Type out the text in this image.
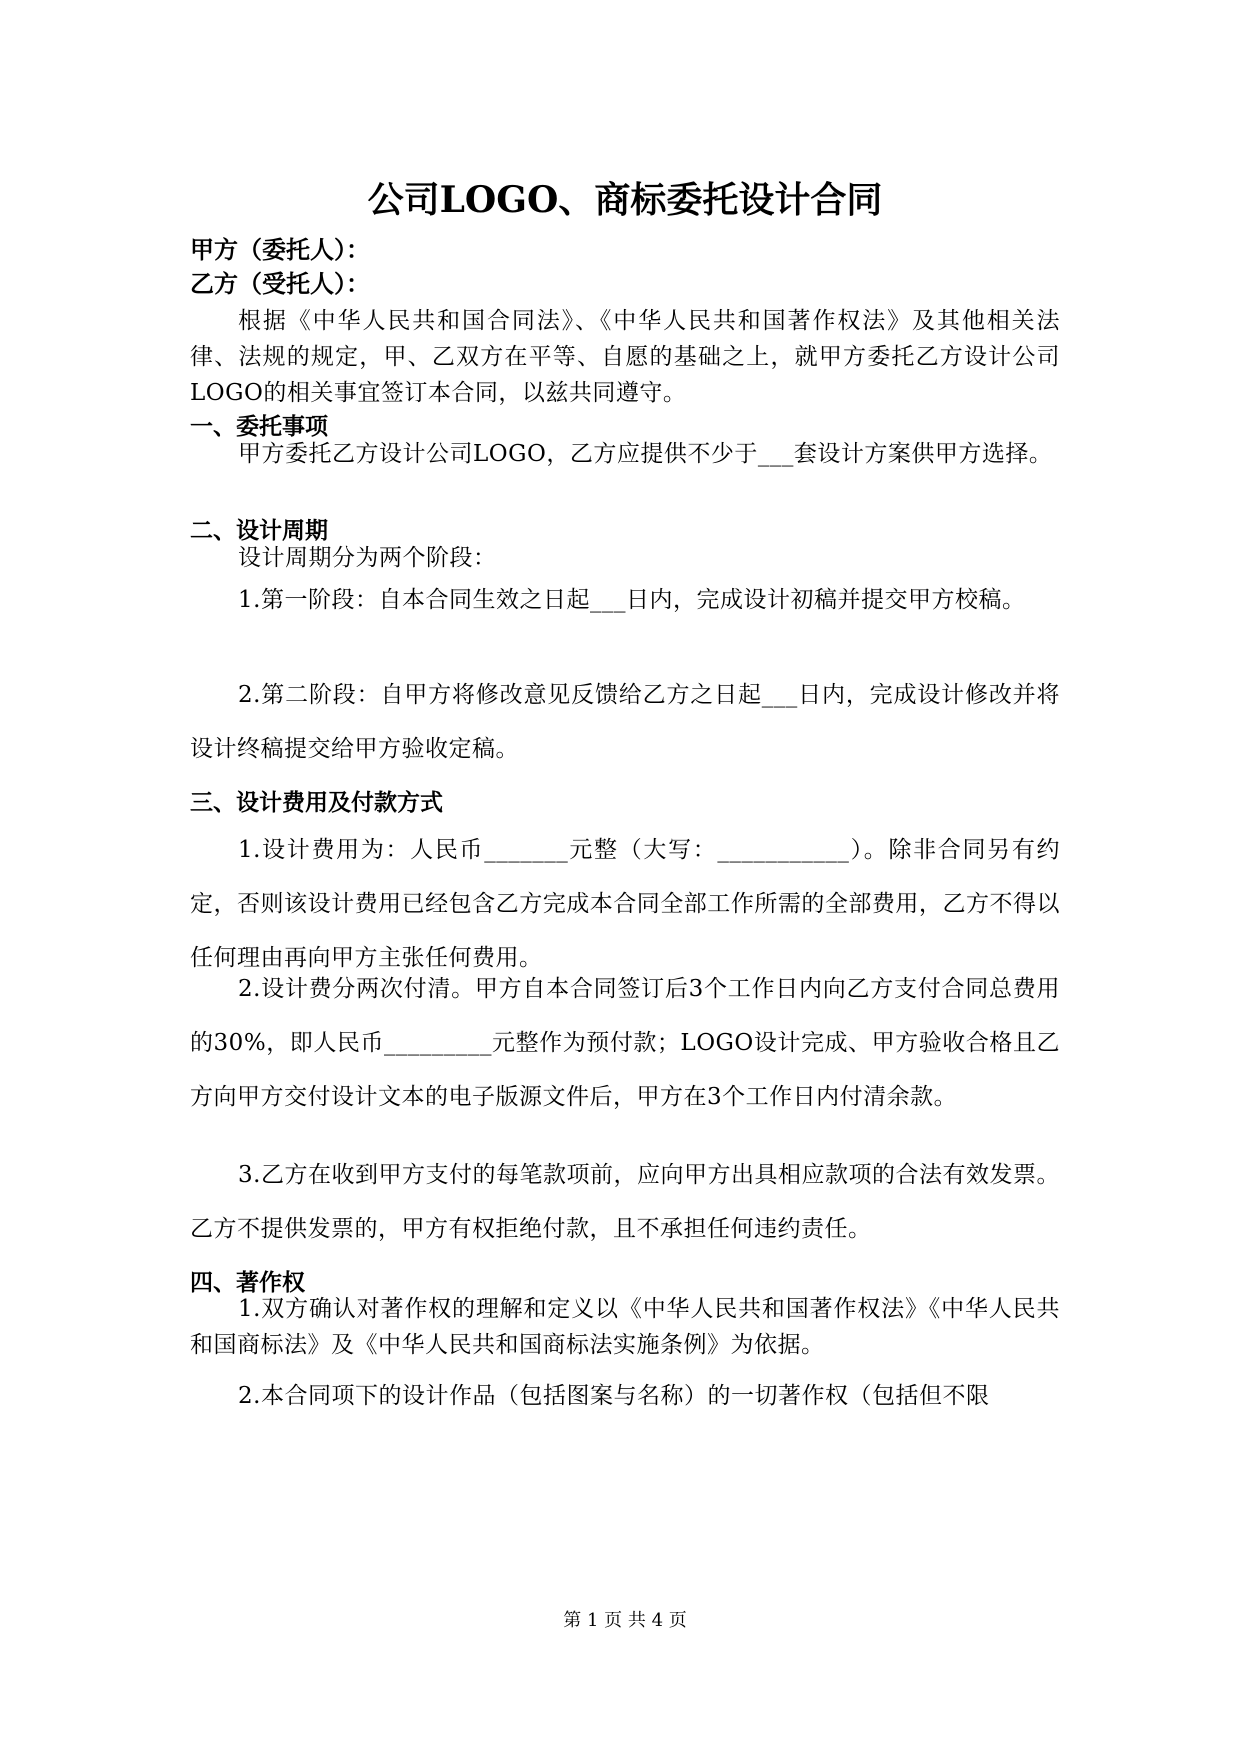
公司LOGO、商标委托设计合同

甲方（委托人）：

乙方（受托人）：

根据《中华人民共和国合同法》、《中华人民共和国著作权法》及其他相关法律、法规的规定，甲、乙双方在平等、自愿的基础之上，就甲方委托乙方设计公司LOGO的相关事宜签订本合同，以兹共同遵守。

一、委托事项

甲方委托乙方设计公司LOGO，乙方应提供不少于___套设计方案供甲方选择。

二、设计周期

设计周期分为两个阶段：

1.第一阶段：自本合同生效之日起___日内，完成设计初稿并提交甲方校稿。

2.第二阶段：自甲方将修改意见反馈给乙方之日起___日内，完成设计修改并将设计终稿提交给甲方验收定稿。

三、设计费用及付款方式

1.设计费用为：人民币_______元整（大写：___________）。除非合同另有约定，否则该设计费用已经包含乙方完成本合同全部工作所需的全部费用，乙方不得以任何理由再向甲方主张任何费用。

2.设计费分两次付清。甲方自本合同签订后3个工作日内向乙方支付合同总费用的30%，即人民币_________元整作为预付款；LOGO设计完成、甲方验收合格且乙方向甲方交付设计文本的电子版源文件后，甲方在3个工作日内付清余款。

3.乙方在收到甲方支付的每笔款项前，应向甲方出具相应款项的合法有效发票。乙方不提供发票的，甲方有权拒绝付款，且不承担任何违约责任。

四、著作权

1.双方确认对著作权的理解和定义以《中华人民共和国著作权法》《中华人民共和国商标法》及《中华人民共和国商标法实施条例》为依据。

2.本合同项下的设计作品（包括图案与名称）的一切著作权（包括但不限

第 1 页 共 4 页
